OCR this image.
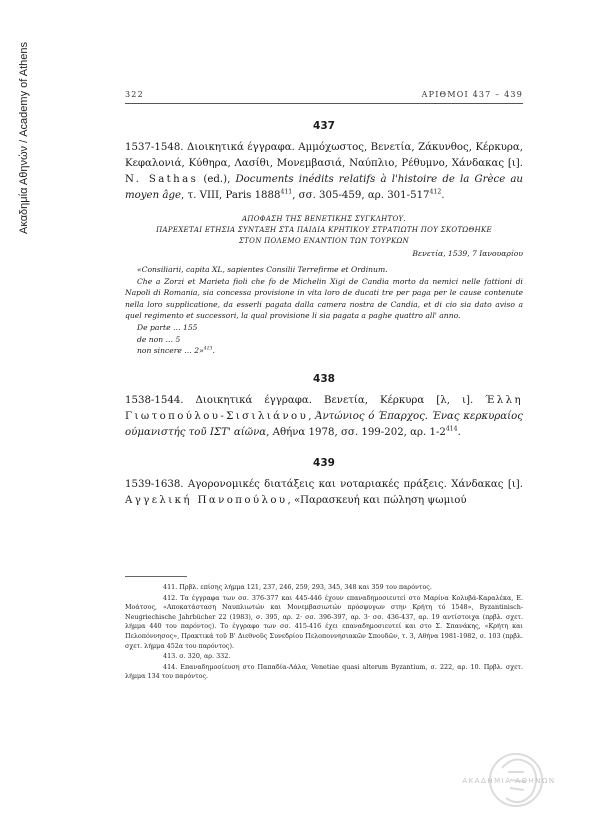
Ακαδημία Αθηνών / Academy of Athens	322	ΑΡΙΘΜΟΙ 437 – 439
437
1537-1548. Διοικητικά έγγραφα. Αμμόχωστος, Βενετία, Ζάκυνθος, Κέρκυρα, Κεφαλονιά, Κύθηρα, Λασίθι, Μονεμβασιά, Ναύπλιο, Ρέθυμνο, Χάνδακας [ι]. N. Sathas (ed.), Documents inédits relatifs à l'histoire de la Grèce au moyen âge, τ. VIII, Paris 1888$^{411}$, σσ. 305-459, αρ. $301-517^{412}$.
ΑΠΟΦΑΣΗ ΤΗΣ ΒΕΝΕΤΙΚΗΣ ΣΥΓΚΛΗΤΟΥ.
ΠΑΡΕΧΕΤΑΙ ΕΤΗΣΙΑ ΣΥΝΤΑΞΗ ΣΤΑ ΠΑΙΔΙΑ ΚΡΗΤΙΚΟΥ ΣΤΡΑΤΙΩΤΗ ΠΟΥ ΣΚΟΤΩΘΗΚΕ
ΣΤΟΝ ΠΟΛΕΜΟ ΕΝΑΝΤΙΟΝ ΤΩΝ ΤΟΥΡΚΩΝ
Βενετία, 1539, 7 Ιανουαρίου

«Consiliarii, capita XL, sapientes Consilii Terrefirme et Ordinum.

Che a Zorzi et Marieta fioli che fo de Michelin Xigi de Candia morto da nemici nelle fattioni di Napoli di Romania, sia concessa provisione in vita loro de ducati tre per paga per le cause contenute nella loro supplicatione, da esserli pagata dalla camera nostra de Candia, et di cio sia dato aviso a quel regimento et successori, la qual provisione li sia pagata a paghe quattro all' anno.

De parte … 155
de non … 5
non sincere … 2»$^{413}$.
438
1538-1544. Διοικητικά έγγραφα. Βενετία, Κέρκυρα [λ, ι]. Έλλη Γιωτοπούλου-Σισιλιάνου, Άντώνιος ό Έπαρχος. Ένας κερκυραίος ούμανιστής τοῦ ΙΣΤ' αίῶνα, Αθήνα 1978, σσ. 199-202, αρ. $1-2^{414}$.
439
1539-1638. Αγορονομικές διατάξεις και νοταριακές πράξεις. Χάνδακας [ι]. Αγγελική Πανοπούλου, «Παρασκευή και πώληση ψωμιού

411. Πρβλ. επίσης λήμμα 121, 237, 246, 259, 293, 345, 348 και 359 του παρόντος.

412. Τα έγγραφα των σσ. 376-377 και 445-446 έχουν επαναδημοσιευτεί στο Μαρίνα Κολυβά-Καραλέκα, Ε. Μοάτσος, «Αποκατάσταση Ναυπλιωτών και Μονεμβασιωτών πρόσφυγων στην Κρήτη τό 1548», Byzantinisch-Neugriechische Jahrbücher 22 (1983), σ. 395, αρ. 2· σσ. 396-397, αρ. 3· σσ. 436-437, αρ. 19 αντίστοιχα (πρβλ. σχετ. λήμμα 440 του παρόντος). Το έγγραφο των σσ. 415-416 έχει επαναδημοσιευτεί και στο Σ. Σπανάκης, «Κρήτη και Πελοπόννησος», Πρακτικά τοῦ Β' Διεθνοῦς Συνεδρίου Πελοποννησιακῶν Σπουδῶν, τ. 3, Αθήνα 1981-1982, σ. 103 (πρβλ. σχετ. λήμμα 452α του παρόντος).

413. σ. 320, αρ. 332.

414. Επαναδημοσίευση στο Παπαδία-Λάλα, Venetiae quasi alterum Byzantium, σ. 222, αρ. 10. Πρβλ. σχετ. λήμμα 134 του παρόντος.

ΑΚΑΔΗΜΙΑ ΑΘΗΝΩΝ
